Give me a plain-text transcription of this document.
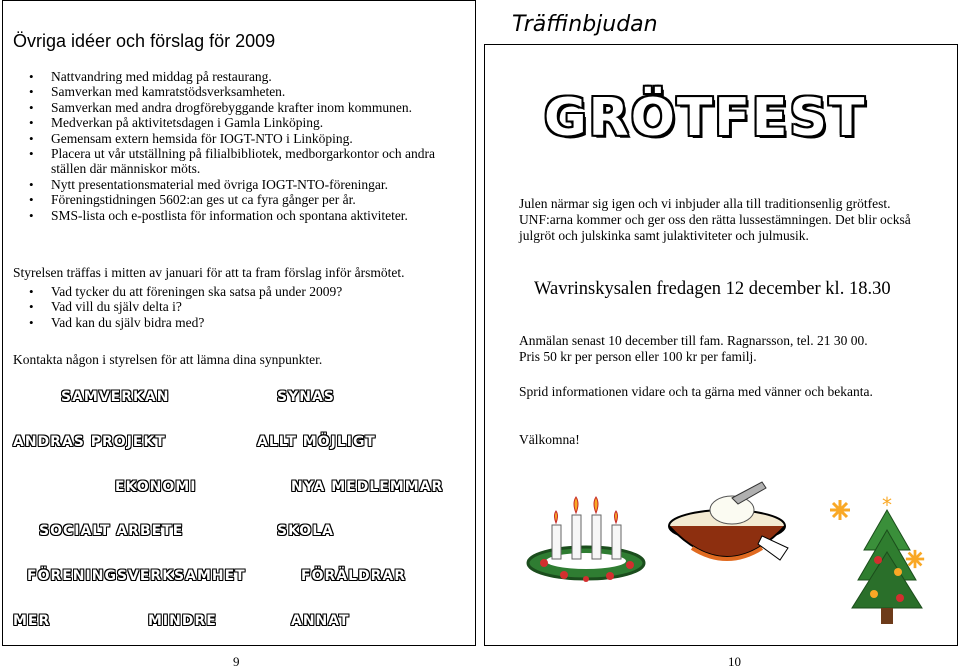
Övriga idéer och förslag för 2009
• Nattvandring med middag på restaurang.
• Samverkan med kamratstödsverksamheten.
• Samverkan med andra drogförebyggande krafter inom kommunen.
• Medverkan på aktivitetsdagen i Gamla Linköping.
• Gemensam extern hemsida för IOGT-NTO i Linköping.
• Placera ut vår utställning på filialbibliotek, medborgarkontor och andra ställen där människor möts.
• Nytt presentationsmaterial med övriga IOGT-NTO-föreningar.
• Föreningstidningen 5602:an ges ut ca fyra gånger per år.
• SMS-lista och e-postlista för information och spontana aktiviteter.
Styrelsen träffas i mitten av januari för att ta fram förslag inför årsmötet.
• Vad tycker du att föreningen ska satsa på under 2009?
• Vad vill du själv delta i?
• Vad kan du själv bidra med?
Kontakta någon i styrelsen för att lämna dina synpunkter.
SAMVERKAN	SYNAS
ANDRAS PROJEKT	ALLT MÖJLIGT
EKONOMI	NYA MEDLEMMAR
SOCIALT ARBETE	SKOLA
FÖRENINGSVERKSAMHET	FÖRÄLDRAR
MER	MINDRE	ANNAT
9
Träffinbjudan
GRÖTFEST
Julen närmar sig igen och vi inbjuder alla till traditionsenlig grötfest.
UNF:arna kommer och ger oss den rätta lussestämningen. Det blir också julgröt och julskinka samt julaktiviteter och julmusik.
Wavrinskysalen fredagen 12 december kl. 18.30
Anmälan senast 10 december till fam. Ragnarsson, tel. 21 30 00.
Pris 50 kr per person eller 100 kr per familj.
Sprid informationen vidare och ta gärna med vänner och bekanta.
Välkomna!
*
10
